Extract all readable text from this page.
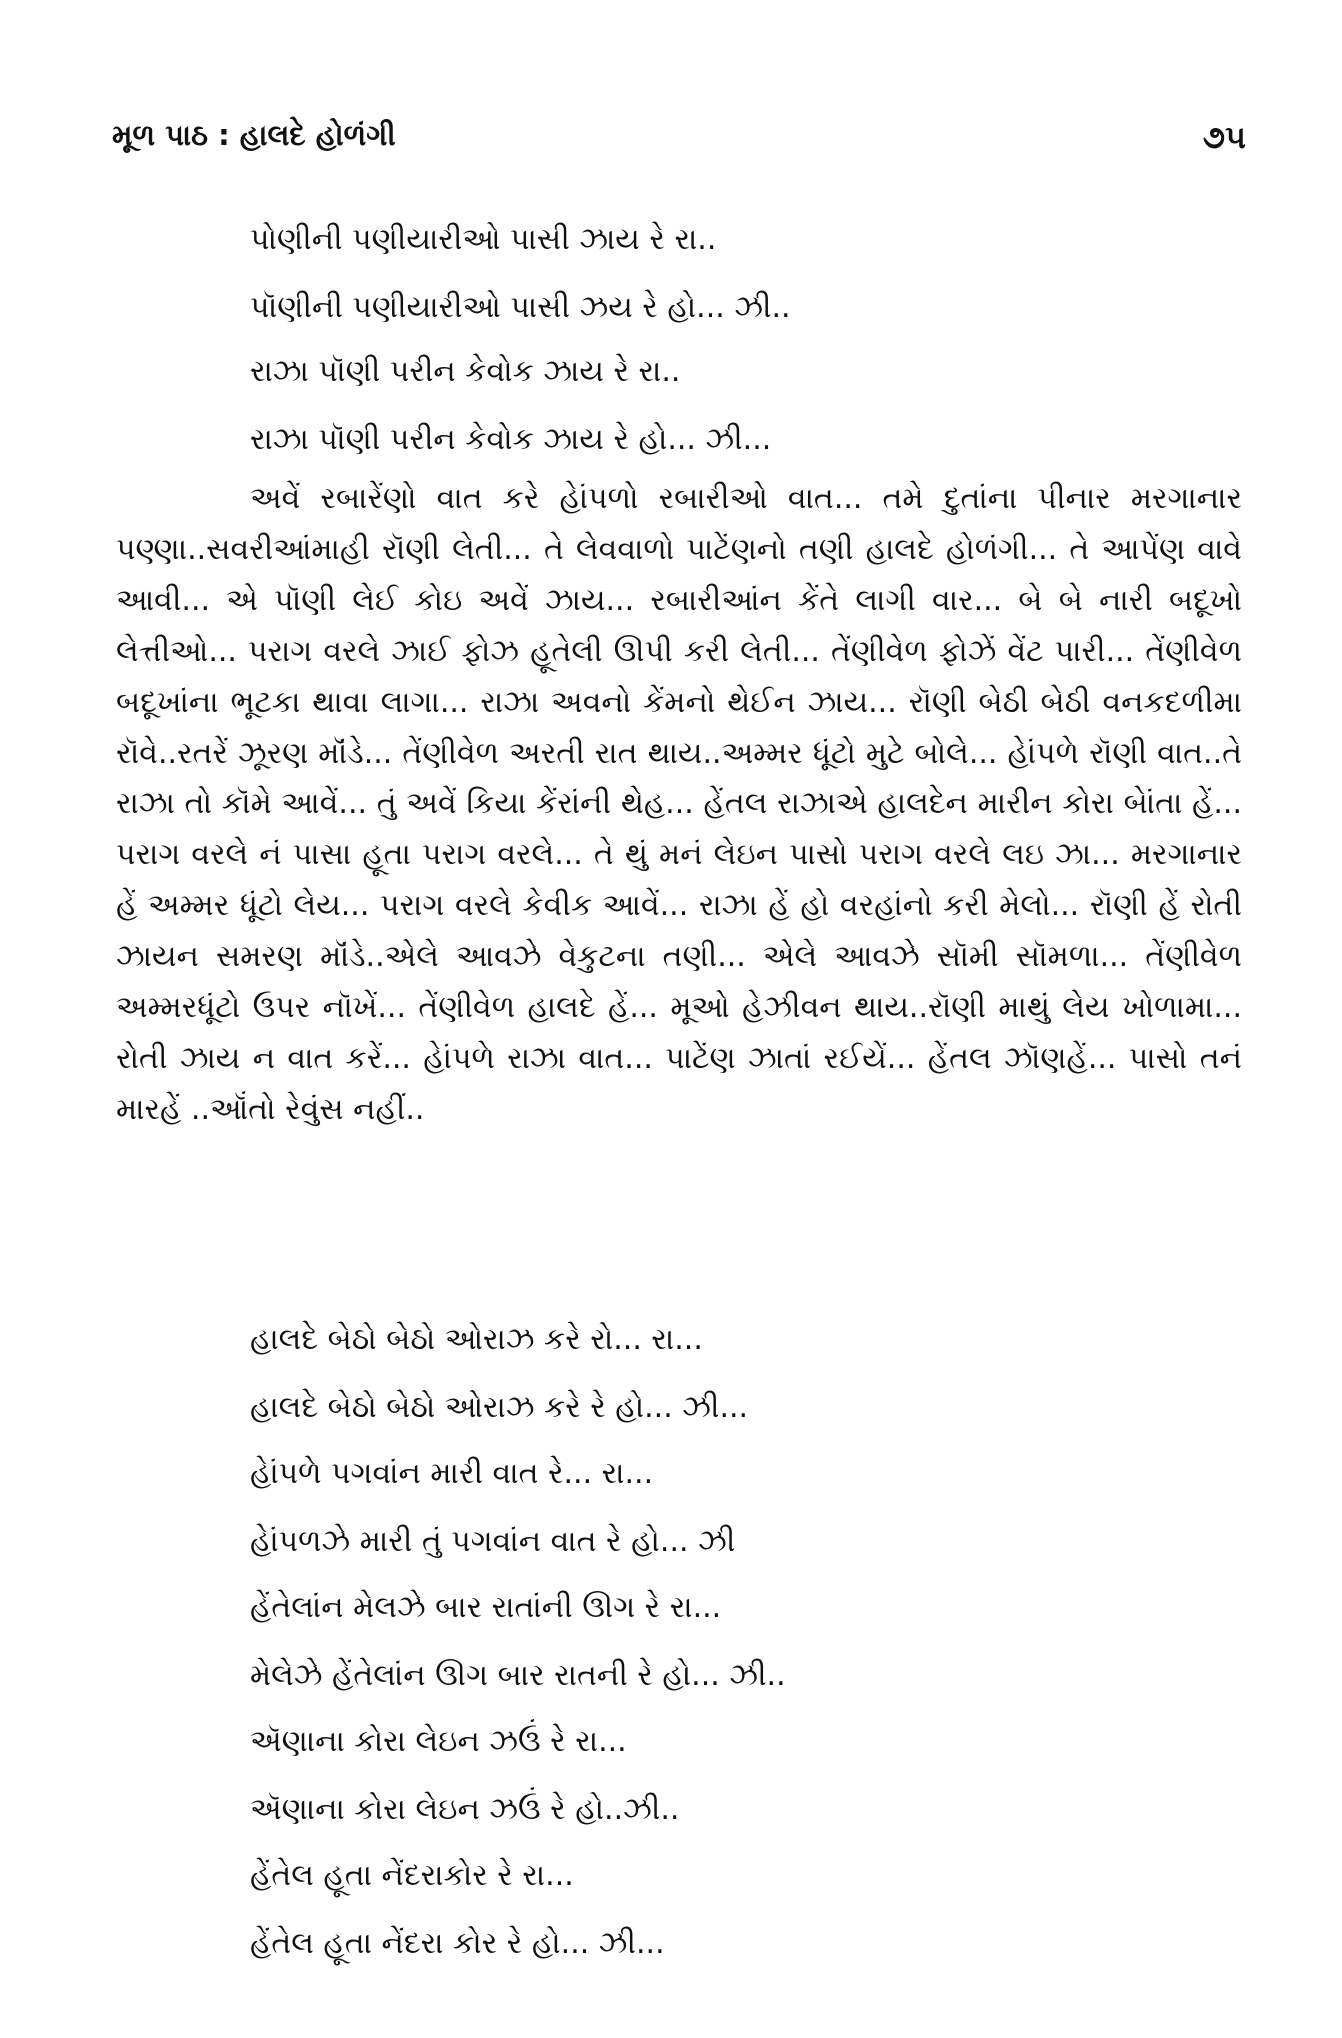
મૂળ પાઠ : હાલદે હોળંગી	૭૫
પોણીની પણીયારીઓ પાસી ઝાય રે રા..
પૉણીની પણીયારીઓ પાસી ઝય રે હો... ઝી..
રાઝા પૉણી પરીન કેવોક ઝાય રે રા..
રાઝા પૉણી પરીન કેવોક ઝાય રે હો... ઝી...
અવેં રબારેંણો વાત કરે હેાંપળો રબારીઓ વાત... તમે દુતાંના પીનાર મરગાનાર પણ્ણા..સવરીઆંમાહી રૉણી લેતી... તે લેવવાળો પાટેંણનો તણી હાલદે હોળંગી... તે આપેંણ વાવે આવી... એ પૉણી લેઈ કોઇ અવેં ઝાય... રબારીઆંન કેંતે લાગી વાર... બે બે નારી બદૂખો લેત્તીઓ... પરાગ વરલે ઝાઈ ફોઝ હૂતેલી ઊપી કરી લેતી... તેંણીવેળ ફોઝેં વેંટ પારી... તેંણીવેળ બદૂખાંના ભૂટકા થાવા લાગા... રાઝા અવનો કેંમનો થેઈન ઝાય... રૉણી બેઠી બેઠી વનકદળીમા રૉવે..રતરેં ઝૂરણ મૉંડે... તેંણીવેળ અરતી રાત થાય..અમ્મર ધૂંટો મુટે બોલે... હેાંપળે રૉણી વાત..તે રાઝા તો કૉમે આવેં... તું અવેં કિયા કેંરાંની થેહ... હેંતલ રાઝાએ હાલદેન મારીન કોરા બેાંતા હેં... પરાગ વરલે નં પાસા હૂતા પરાગ વરલે... તે થું મનં લેઇન પાસો પરાગ વરલે લઇ ઝા... મરગાનાર હેં અમ્મર ધૂંટો લેય... પરાગ વરલે કેવીક આવેં... રાઝા હેં હો વરહાંનો કરી મેલો... રૉણી હેં રોતી ઝાયન સમરણ મૉંડે..એલે આવઝે વેકુટના તણી... એલે આવઝે સૉમી સૉમળા... તેંણીવેળ અમ્મરધૂંટો ઉપર નૉખેં... તેંણીવેળ હાલદે હેં... મૂઓ હેઝીવન થાય..રૉણી માથું લેય ખોળામા... રોતી ઝાય ન વાત કરેં... હેાંપળે રાઝા વાત... પાટેંણ ઝાતાં રઈયેં... હેંતલ ઝૉણહેં... પાસો તનં મારહેં ..ઑંતો રેવુંસ નહીં..
હાલદે બેઠો બેઠો ઓરાઝ કરે રો... રા...
હાલદે બેઠો બેઠો ઓરાઝ કરે રે હો... ઝી...
હેાંપળે પગવાંન મારી વાત રે... રા...
હેાંપળઝે મારી તું પગવાંન વાત રે હો... ઝી
હેંતેલાંન મેલઝે બાર રાતાંની ઊગ રે રા...
મેલેઝે હેંતેલાંન ઊગ બાર રાતની રે હો... ઝી..
ઍણાના કોરા લેઇન ઝઉં રે રા...
ઍણાના કોરા લેઇન ઝઉં રે હો..ઝી..
હેંતેલ હૂતા નેંદરાકોર રે રા...
હેંતેલ હૂતા નેંદરા કોર રે હો... ઝી...
